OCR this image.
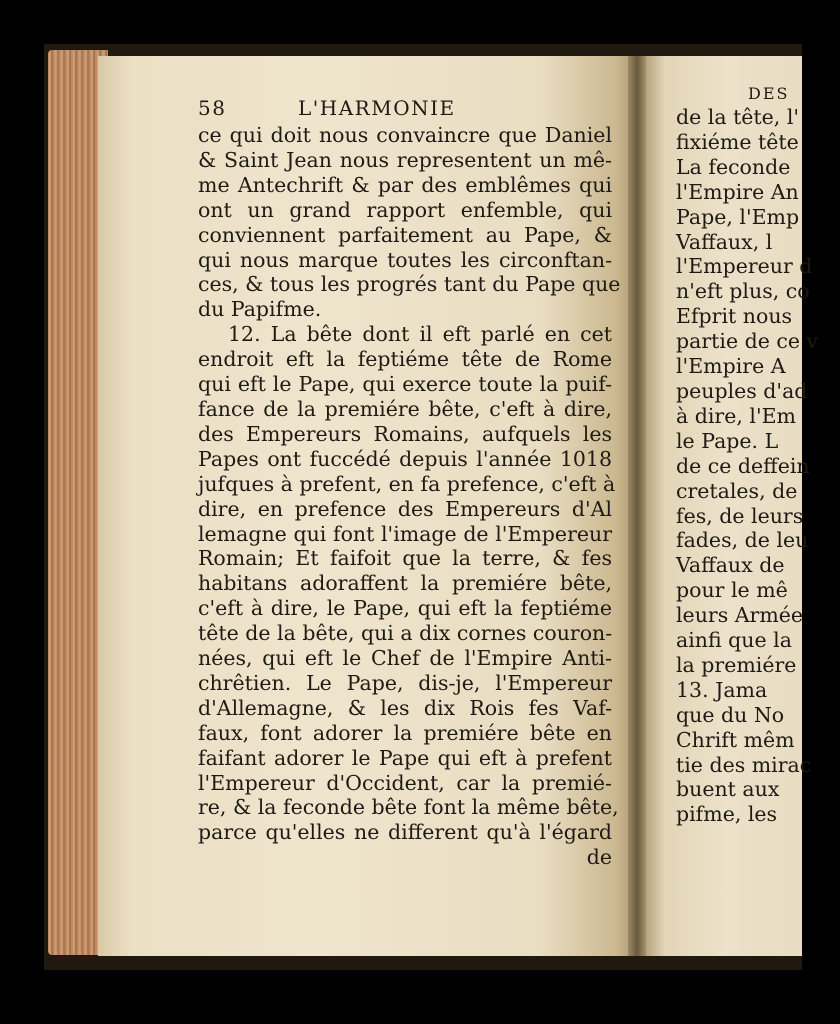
58	L'HARMONIE
ce qui doit nous convaincre que Daniel
& Saint Jean nous representent un mê-
me Antechrift & par des emblêmes qui
ont un grand rapport enfemble, qui
conviennent parfaitement au Pape, &
qui nous marque toutes les circonftan-
ces, & tous les progrés tant du Pape que
du Papifme.
12. La bête dont il eft parlé en cet
endroit eft la feptiéme tête de Rome
qui eft le Pape, qui exerce toute la puif-
fance de la premiére bête, c'eft à dire,
des Empereurs Romains, aufquels les
Papes ont fuccédé depuis l'année 1018
jufques à prefent, en fa prefence, c'eft à
dire, en prefence des Empereurs d'Al
lemagne qui font l'image de l'Empereur
Romain; Et faifoit que la terre, & fes
habitans adoraffent la premiére bête,
c'eft à dire, le Pape, qui eft la feptiéme
tête de la bête, qui a dix cornes couron-
nées, qui eft le Chef de l'Empire Anti-
chrêtien. Le Pape, dis-je, l'Empereur
d'Allemagne, & les dix Rois fes Vaf-
faux, font adorer la premiére bête en
faifant adorer le Pape qui eft à prefent
l'Empereur d'Occident, car la premié-
re, & la feconde bête font la même bête,
parce qu'elles ne different qu'à l'égard
de
DES
de la tête, l'
fixiéme tête
La feconde
l'Empire An
Pape, l'Emp
Vaffaux, l
l'Empereur d
n'eft plus, co
Efprit nous
partie de ce v
l'Empire A
peuples d'ad
à dire, l'Em
le Pape. L
de ce deffein
cretales, de
fes, de leurs
fades, de leu
Vaffaux de
pour le mê
leurs Armée
ainfi que la
la premiére
13. Jama
que du No
Chrift mêm
tie des mirac
buent aux
pifme, les
